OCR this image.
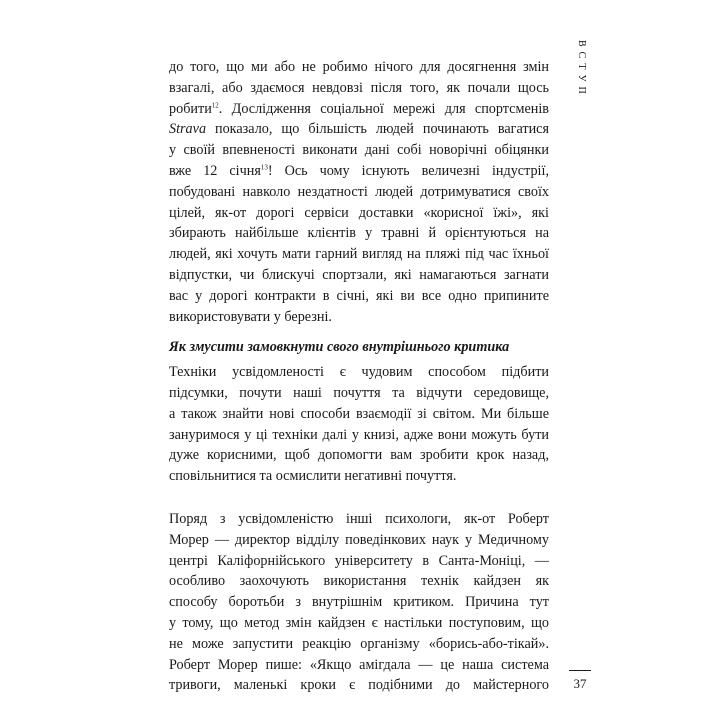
ВСТУП
до того, що ми або не робимо нічого для досягнення змін
взагалі, або здаємося невдовзі після того, як почали щось
робити$^{12}$. Дослідження соціальної мережі для спортсменів
Strava показало, що більшість людей починають вагатися
у своїй впевненості виконати дані собі новорічні обіцянки
вже 12 січня$^{13}$! Ось чому існують величезні індустрії,
побудовані навколо нездатності людей дотримуватися своїх
цілей, як-от дорогі сервіси доставки «корисної їжі», які
збирають найбільше клієнтів у травні й орієнтуються на
людей, які хочуть мати гарний вигляд на пляжі під час їхньої
відпустки, чи блискучі спортзали, які намагаються загнати
вас у дорогі контракти в січні, які ви все одно припините
використовувати у березні.
Як змусити замовкнути свого внутрішнього критика
Техніки усвідомленості є чудовим способом підбити
підсумки, почути наші почуття та відчути середовище,
а також знайти нові способи взаємодії зі світом. Ми більше
зануримося у ці техніки далі у книзі, адже вони можуть бути
дуже корисними, щоб допомогти вам зробити крок назад,
сповільнитися та осмислити негативні почуття.
Поряд з усвідомленістю інші психологи, як-от Роберт
Морер — директор відділу поведінкових наук у Медичному
центрі Каліфорнійського університету в Санта-Моніці, —
особливо заохочують використання технік кайдзен як
способу боротьби з внутрішнім критиком. Причина тут
у тому, що метод змін кайдзен є настільки поступовим, що
не може запустити реакцію організму «борись-або-тікай».
Роберт Морер пише: «Якщо амігдала — це наша система
тривоги, маленькі кроки є подібними до майстерного	37
